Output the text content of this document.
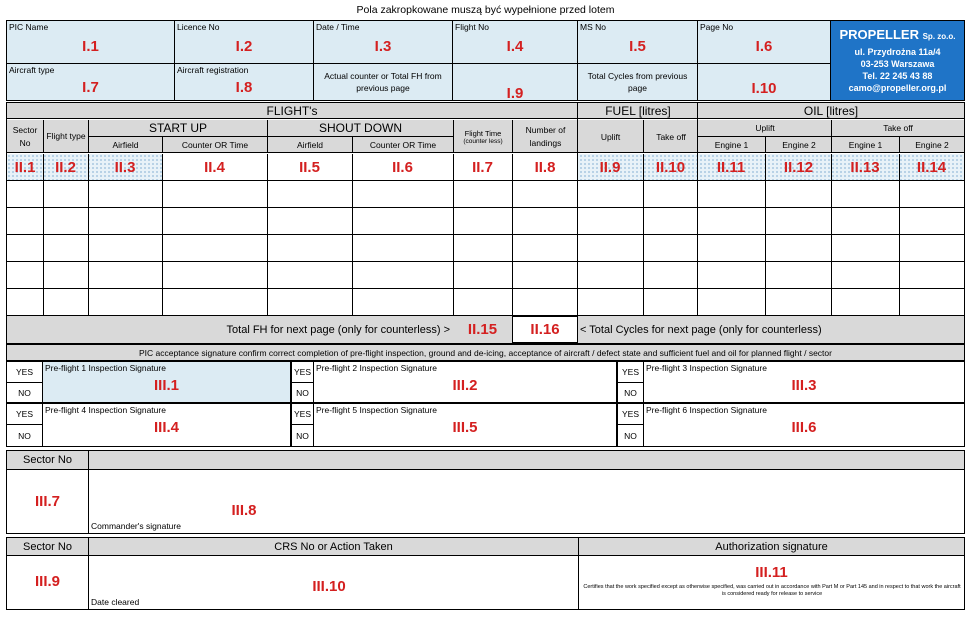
Pola zakropkowane muszą być wypełnione przed lotem
PIC Name
I.1
Licence No
I.2
Date / Time
I.3
Flight No
I.4
MS No
I.5
Page No
I.6
PROPELLER Sp. zo.o.
ul. Przydrożna 11a/4
03-253 Warszawa
Tel. 22 245 43 88
camo@propeller.org.pl
Aircraft type
I.7
Aircraft registration
I.8
Actual counter or Total FH from previous page	I.9
Total Cycles from previous page	I.10
FLIGHT's	FUEL [litres]	OIL [litres]
Sector No
Flight type
START UP	SHOUT DOWN	Flight Time
(counter less)
Number of landings
Uplift	Take off
Uplift	Take off
Airfield	Counter OR Time	Airfield	Counter OR Time	Engine 1	Engine 2	Engine 1	Engine 2
II.1	II.2	II.3	II.4	II.5	II.6	II.7	II.8	II.9	II.10	II.11	II.12	II.13	II.14
Total FH for next page (only for counterless) >	II.15	II.16	< Total Cycles for next page (only for counterless)
PIC acceptance signature confirm correct completion of pre-flight inspection, ground and de-icing, acceptance of aircraft / defect state and sufficient fuel and oil for planned flight / sector
YES
NO
Pre-flight 1 Inspection Signature
III.1
YES
NO
Pre-flight 2 Inspection Signature
III.2
YES
NO
Pre-flight 3 Inspection Signature
III.3
YES
NO
Pre-flight 4 Inspection Signature
III.4
YES
NO
Pre-flight 5 Inspection Signature
III.5
YES
NO
Pre-flight 6 Inspection Signature
III.6
Sector No
III.7
III.8
Commander's signature
Sector No	CRS No or Action Taken	Authorization signature
III.9	III.10
Date cleared
III.11
Certifies that the work specified except as otherwise specified, was carried out in accordance with Part M or Part 145 and in respect to that work the aircraft is considered ready for release to service
